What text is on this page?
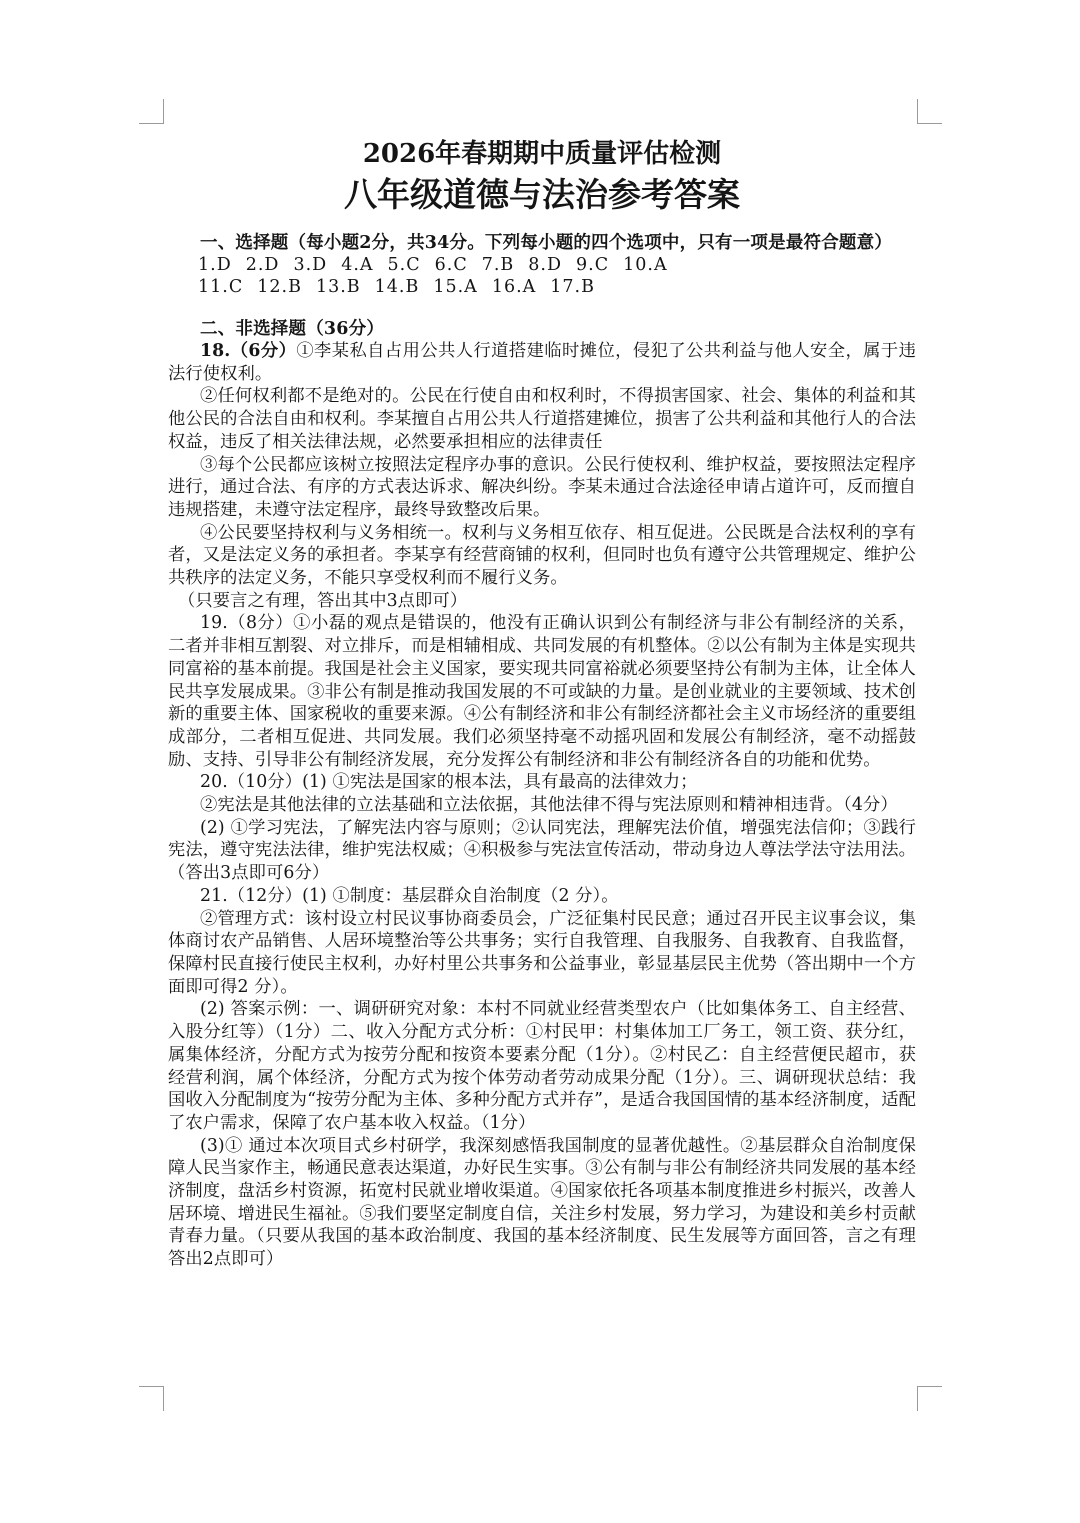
2026年春期期中质量评估检测
八年级道德与法治参考答案

一、选择题（每小题2分，共34分。下列每小题的四个选项中，只有一项是最符合题意）

1.D 2.D 3.D 4.A 5.C 6.C 7.B 8.D 9.C 10.A

11.C 12.B 13.B 14.B 15.A 16.A 17.B

二、非选择题（36分）

18.（6分）①李某私自占用公共人行道搭建临时摊位，侵犯了公共利益与他人安全，属于违法行使权利。

②任何权利都不是绝对的。公民在行使自由和权利时，不得损害国家、社会、集体的利益和其他公民的合法自由和权利。李某擅自占用公共人行道搭建摊位，损害了公共利益和其他行人的合法权益，违反了相关法律法规，必然要承担相应的法律责任

③每个公民都应该树立按照法定程序办事的意识。公民行使权利、维护权益，要按照法定程序进行，通过合法、有序的方式表达诉求、解决纠纷。李某未通过合法途径申请占道许可，反而擅自违规搭建，未遵守法定程序，最终导致整改后果。

④公民要坚持权利与义务相统一。权利与义务相互依存、相互促进。公民既是合法权利的享有者，又是法定义务的承担者。李某享有经营商铺的权利，但同时也负有遵守公共管理规定、维护公共秩序的法定义务，不能只享受权利而不履行义务。

（只要言之有理，答出其中3点即可）

19.（8分）①小磊的观点是错误的，他没有正确认识到公有制经济与非公有制经济的关系，二者并非相互割裂、对立排斥，而是相辅相成、共同发展的有机整体。②以公有制为主体是实现共同富裕的基本前提。我国是社会主义国家，要实现共同富裕就必须要坚持公有制为主体，让全体人民共享发展成果。③非公有制是推动我国发展的不可或缺的力量。是创业就业的主要领域、技术创新的重要主体、国家税收的重要来源。④公有制经济和非公有制经济都社会主义市场经济的重要组成部分，二者相互促进、共同发展。我们必须坚持毫不动摇巩固和发展公有制经济，毫不动摇鼓励、支持、引导非公有制经济发展，充分发挥公有制经济和非公有制经济各自的功能和优势。

20.（10分）(1) ①宪法是国家的根本法，具有最高的法律效力；

②宪法是其他法律的立法基础和立法依据，其他法律不得与宪法原则和精神相违背。（4分）

(2) ①学习宪法，了解宪法内容与原则；②认同宪法，理解宪法价值，增强宪法信仰；③践行宪法，遵守宪法法律，维护宪法权威；④积极参与宪法宣传活动，带动身边人尊法学法守法用法。（答出3点即可6分）

21.（12分）(1) ①制度：基层群众自治制度（2 分）。

②管理方式：该村设立村民议事协商委员会，广泛征集村民民意；通过召开民主议事会议，集体商讨农产品销售、人居环境整治等公共事务；实行自我管理、自我服务、自我教育、自我监督，保障村民直接行使民主权利，办好村里公共事务和公益事业，彰显基层民主优势（答出期中一个方面即可得2 分）。

(2) 答案示例：一、调研研究对象：本村不同就业经营类型农户（比如集体务工、自主经营、入股分红等）（1分）二、收入分配方式分析：①村民甲：村集体加工厂务工，领工资、获分红，属集体经济，分配方式为按劳分配和按资本要素分配（1分）。②村民乙：自主经营便民超市，获经营利润，属个体经济，分配方式为按个体劳动者劳动成果分配（1分）。三、调研现状总结：我国收入分配制度为“按劳分配为主体、多种分配方式并存”，是适合我国国情的基本经济制度，适配了农户需求，保障了农户基本收入权益。（1分）

(3)① 通过本次项目式乡村研学，我深刻感悟我国制度的显著优越性。②基层群众自治制度保障人民当家作主，畅通民意表达渠道，办好民生实事。③公有制与非公有制经济共同发展的基本经济制度，盘活乡村资源，拓宽村民就业增收渠道。④国家依托各项基本制度推进乡村振兴，改善人居环境、增进民生福祉。⑤我们要坚定制度自信，关注乡村发展，努力学习，为建设和美乡村贡献青春力量。（只要从我国的基本政治制度、我国的基本经济制度、民生发展等方面回答，言之有理答出2点即可）
